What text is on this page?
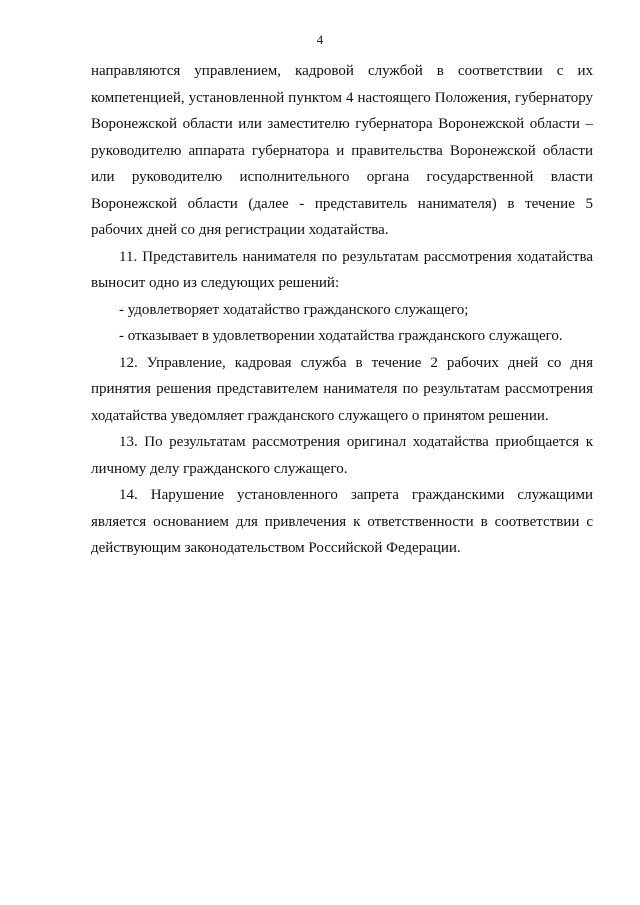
4

направляются управлением, кадровой службой в соответствии с их компетенцией, установленной пунктом 4 настоящего Положения, губернатору Воронежской области или заместителю губернатора Воронежской области – руководителю аппарата губернатора и правительства Воронежской области или руководителю исполнительного органа государственной власти Воронежской области (далее - представитель нанимателя) в течение 5 рабочих дней со дня регистрации ходатайства.

11. Представитель нанимателя по результатам рассмотрения ходатайства выносит одно из следующих решений:

- удовлетворяет ходатайство гражданского служащего;

- отказывает в удовлетворении ходатайства гражданского служащего.

12. Управление, кадровая служба в течение 2 рабочих дней со дня принятия решения представителем нанимателя по результатам рассмотрения ходатайства уведомляет гражданского служащего о принятом решении.

13. По результатам рассмотрения оригинал ходатайства приобщается к личному делу гражданского служащего.

14. Нарушение установленного запрета гражданскими служащими является основанием для привлечения к ответственности в соответствии с действующим законодательством Российской Федерации.
